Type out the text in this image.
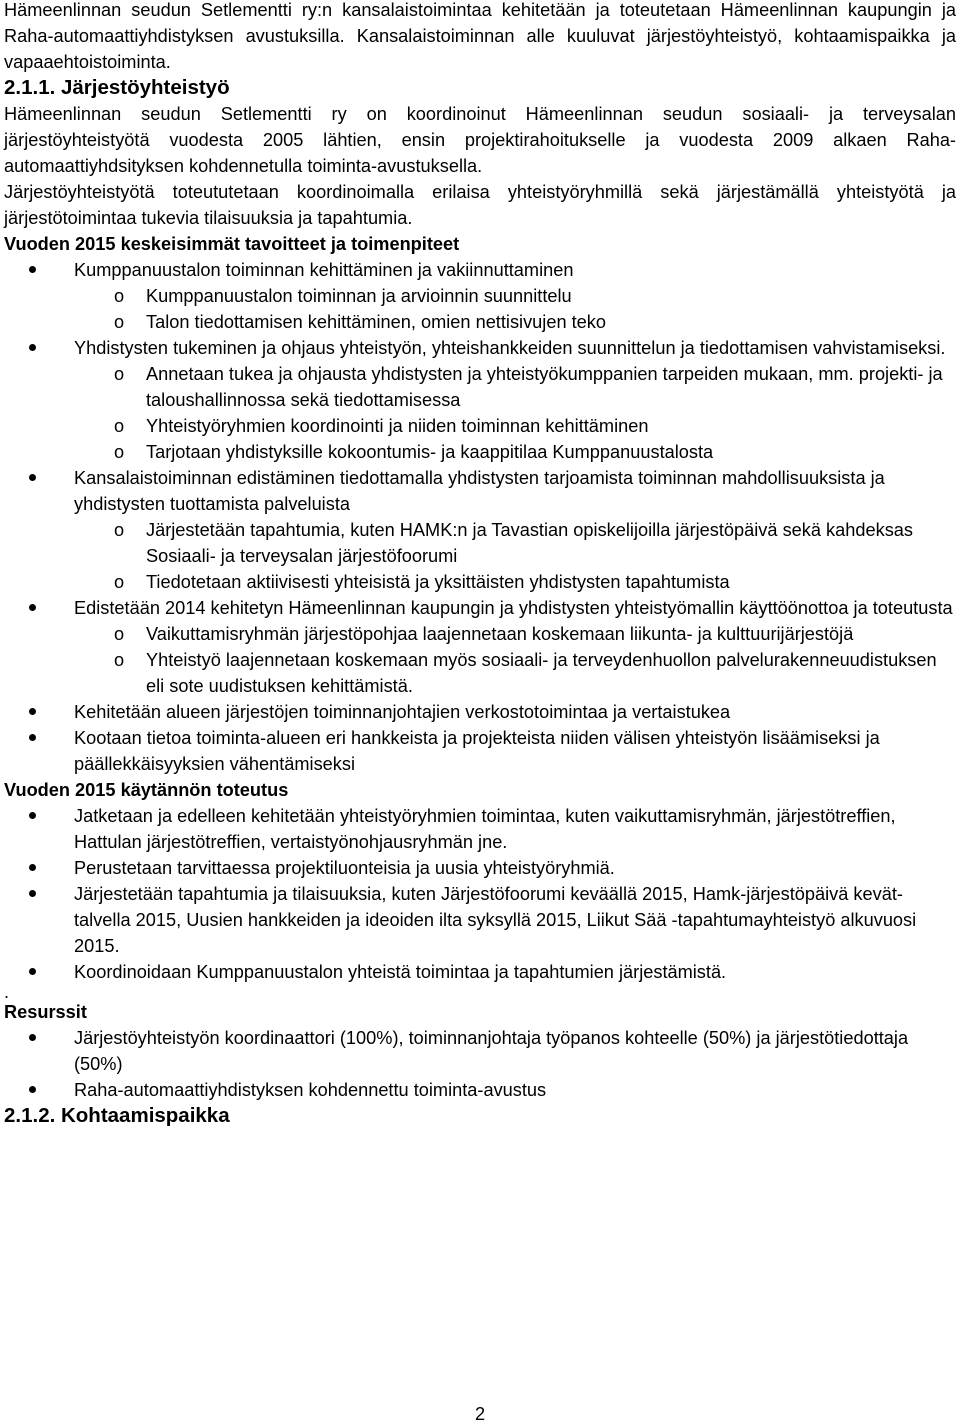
Hämeenlinnan seudun Setlementti ry:n kansalaistoimintaa kehitetään ja toteutetaan Hämeenlinnan kaupungin ja Raha-automaattiyhdistyksen avustuksilla. Kansalaistoiminnan alle kuuluvat järjestöyhteistyö, kohtaamispaikka ja vapaaehtoistoiminta.

2.1.1. Järjestöyhteistyö

Hämeenlinnan seudun Setlementti ry on koordinoinut Hämeenlinnan seudun sosiaali- ja terveysalan järjestöyhteistyötä vuodesta 2005 lähtien, ensin projektirahoitukselle ja vuodesta 2009 alkaen Raha-automaattiyhdsityksen kohdennetulla toiminta-avustuksella.

Järjestöyhteistyötä toteututetaan koordinoimalla erilaisa yhteistyöryhmillä sekä järjestämällä yhteistyötä ja järjestötoimintaa tukevia tilaisuuksia ja tapahtumia.

Vuoden 2015 keskeisimmät tavoitteet ja toimenpiteet
Kumppanuustalon toiminnan kehittäminen ja vakiinnuttaminen
o Kumppanuustalon toiminnan ja arvioinnin suunnittelu
o Talon tiedottamisen kehittäminen, omien nettisivujen teko
Yhdistysten tukeminen ja ohjaus yhteistyön, yhteishankkeiden suunnittelun ja tiedottamisen vahvistamiseksi.
o Annetaan tukea ja ohjausta yhdistysten ja yhteistyökumppanien tarpeiden mukaan, mm. projekti- ja taloushallinnossa sekä tiedottamisessa
o Yhteistyöryhmien koordinointi ja niiden toiminnan kehittäminen
o Tarjotaan yhdistyksille kokoontumis- ja kaappitilaa Kumppanuustalosta
Kansalaistoiminnan edistäminen tiedottamalla yhdistysten tarjoamista toiminnan mahdollisuuksista ja yhdistysten tuottamista palveluista
o Järjestetään tapahtumia, kuten HAMK:n ja Tavastian opiskelijoilla järjestöpäivä sekä kahdeksas Sosiaali- ja terveysalan järjestöfoorumi
o Tiedotetaan aktiivisesti yhteisistä ja yksittäisten yhdistysten tapahtumista
Edistetään 2014 kehitetyn Hämeenlinnan kaupungin ja yhdistysten yhteistyömallin käyttöönottoa ja toteutusta
o Vaikuttamisryhmän järjestöpohjaa laajennetaan koskemaan liikunta- ja kulttuurijärjestöjä
o Yhteistyö laajennetaan koskemaan myös sosiaali- ja terveydenhuollon palvelurakenneuudistuksen eli sote uudistuksen kehittämistä.
Kehitetään alueen järjestöjen toiminnanjohtajien verkostotoimintaa ja vertaistukea
Kootaan tietoa toiminta-alueen eri hankkeista ja projekteista niiden välisen yhteistyön lisäämiseksi ja päällekkäisyyksien vähentämiseksi
Vuoden 2015 käytännön toteutus
Jatketaan ja edelleen kehitetään yhteistyöryhmien toimintaa, kuten vaikuttamisryhmän, järjestötreffien, Hattulan järjestötreffien, vertaistyönohjausryhmän jne.
Perustetaan tarvittaessa projektiluonteisia ja uusia yhteistyöryhmiä.
Järjestetään tapahtumia ja tilaisuuksia, kuten Järjestöfoorumi keväällä 2015, Hamk-järjestöpäivä kevät-talvella 2015, Uusien hankkeiden ja ideoiden ilta syksyllä 2015, Liikut Sää -tapahtumayhteistyö alkuvuosi 2015.
Koordinoidaan Kumppanuustalon yhteistä toimintaa ja tapahtumien järjestämistä.

.

Resurssit
Järjestöyhteistyön koordinaattori (100%), toiminnanjohtaja työpanos kohteelle (50%) ja järjestötiedottaja (50%)
Raha-automaattiyhdistyksen kohdennettu toiminta-avustus
2.1.2. Kohtaamispaikka
2
